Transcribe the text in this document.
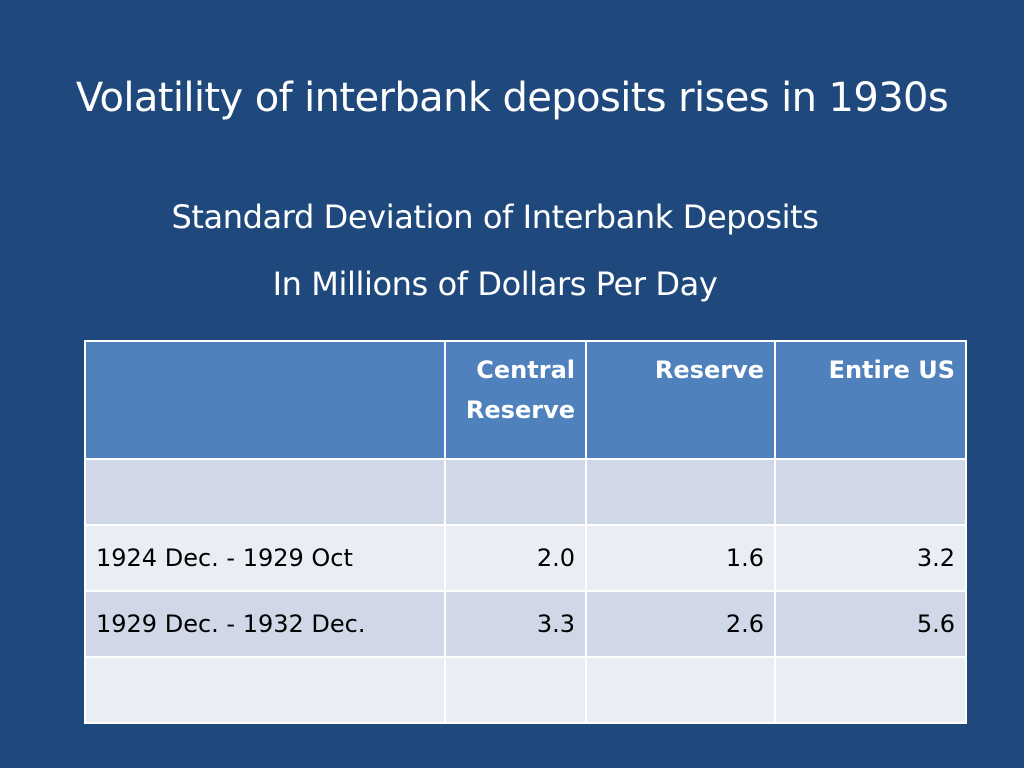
Volatility of interbank deposits rises in 1930s
Standard Deviation of Interbank Deposits
In Millions of Dollars Per Day
	Central Reserve	Reserve	Entire US

1924 Dec. - 1929 Oct	2.0	1.6	3.2
1929 Dec. - 1932 Dec.	3.3	2.6	5.6
